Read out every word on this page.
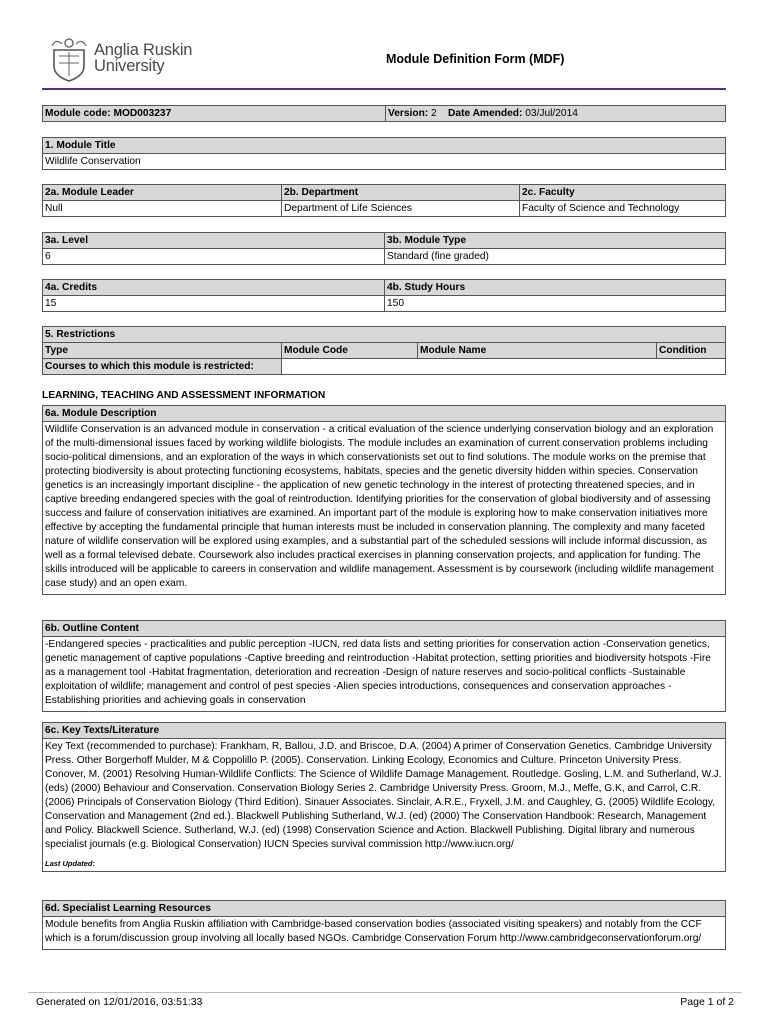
Anglia Ruskin
University	Module Definition Form (MDF)
Module code: MOD003237	Version: 2 Date Amended: 03/Jul/2014
1. Module Title
Wildlife Conservation
2a. Module Leader	2b. Department	2c. Faculty
Null	Department of Life Sciences	Faculty of Science and Technology
3a. Level	3b. Module Type
6	Standard (fine graded)
4a. Credits	4b. Study Hours
15	150
5. Restrictions
Type	Module Code	Module Name	Condition
Courses to which this module is restricted:
LEARNING, TEACHING AND ASSESSMENT INFORMATION
6a. Module Description
Wildlife Conservation is an advanced module in conservation - a critical evaluation of the science underlying conservation biology and an exploration of the multi-dimensional issues faced by working wildlife biologists. The module includes an examination of current conservation problems including socio-political dimensions, and an exploration of the ways in which conservationists set out to find solutions. The module works on the premise that protecting biodiversity is about protecting functioning ecosystems, habitats, species and the genetic diversity hidden within species. Conservation genetics is an increasingly important discipline - the application of new genetic technology in the interest of protecting threatened species, and in captive breeding endangered species with the goal of reintroduction. Identifying priorities for the conservation of global biodiversity and of assessing success and failure of conservation initiatives are examined. An important part of the module is exploring how to make conservation initiatives more effective by accepting the fundamental principle that human interests must be included in conservation planning. The complexity and many faceted nature of wildlife conservation will be explored using examples, and a substantial part of the scheduled sessions will include informal discussion, as well as a formal televised debate. Coursework also includes practical exercises in planning conservation projects, and application for funding. The skills introduced will be applicable to careers in conservation and wildlife management. Assessment is by coursework (including wildlife management case study) and an open exam.
6b. Outline Content
-Endangered species - practicalities and public perception -IUCN, red data lists and setting priorities for conservation action -Conservation genetics, genetic management of captive populations -Captive breeding and reintroduction -Habitat protection, setting priorities and biodiversity hotspots -Fire as a management tool -Habitat fragmentation, deterioration and recreation -Design of nature reserves and socio-political conflicts -Sustainable exploitation of wildlife; management and control of pest species -Alien species introductions, consequences and conservation approaches -Establishing priorities and achieving goals in conservation
6c. Key Texts/Literature
Key Text (recommended to purchase): Frankham, R, Ballou, J.D. and Briscoe, D.A. (2004) A primer of Conservation Genetics. Cambridge University Press. Other Borgerhoff Mulder, M & Coppolillo P. (2005). Conservation. Linking Ecology, Economics and Culture. Princeton University Press. Conover, M. (2001) Resolving Human-Wildlife Conflicts: The Science of Wildlife Damage Management. Routledge. Gosling, L.M. and Sutherland, W.J. (eds) (2000) Behaviour and Conservation. Conservation Biology Series 2. Cambridge University Press. Groom, M.J., Meffe, G.K, and Carrol, C.R. (2006) Principals of Conservation Biology (Third Edition). Sinauer Associates. Sinclair, A.R.E., Fryxell, J.M. and Caughley, G. (2005) Wildlife Ecology, Conservation and Management (2nd ed.). Blackwell Publishing Sutherland, W.J. (ed) (2000) The Conservation Handbook: Research, Management and Policy. Blackwell Science. Sutherland, W.J. (ed) (1998) Conservation Science and Action. Blackwell Publishing. Digital library and numerous specialist journals (e.g. Biological Conservation) IUCN Species survival commission http://www.iucn.org/
Last Updated:
6d. Specialist Learning Resources
Module benefits from Anglia Ruskin affiliation with Cambridge-based conservation bodies (associated visiting speakers) and notably from the CCF which is a forum/discussion group involving all locally based NGOs. Cambridge Conservation Forum http://www.cambridgeconservationforum.org/
Generated on 12/01/2016, 03:51:33	Page 1 of 2
